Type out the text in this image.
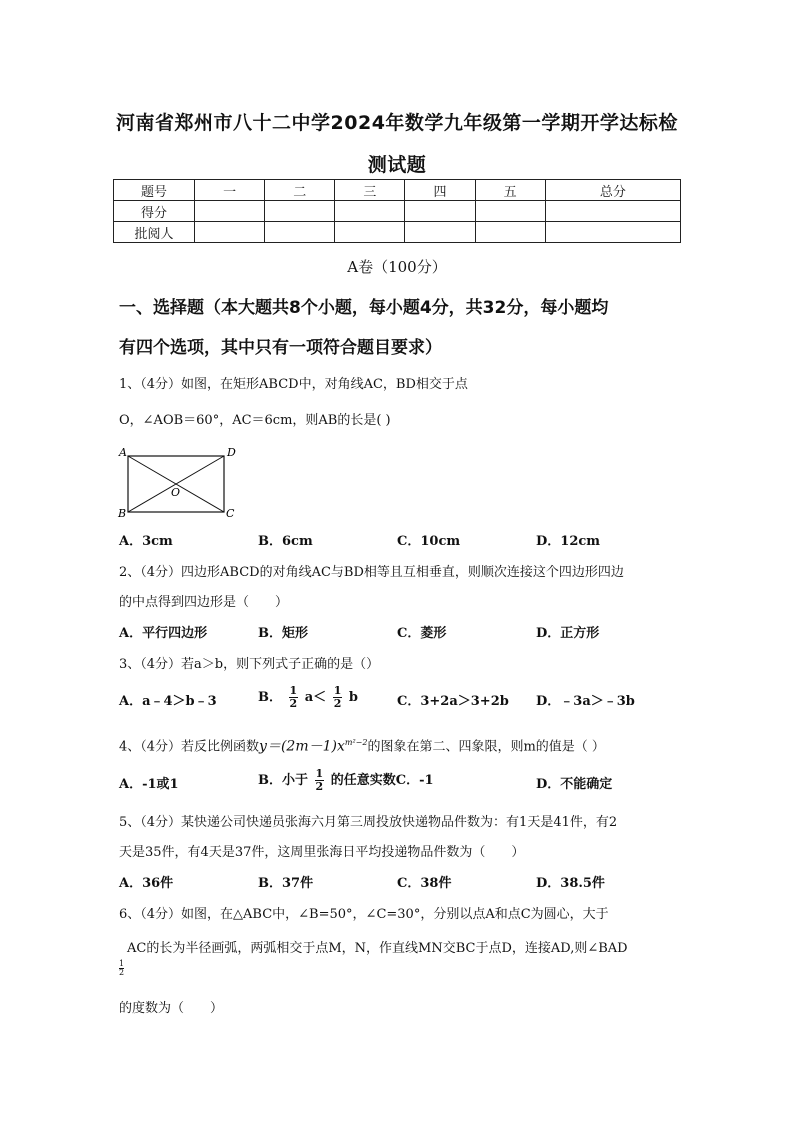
河南省郑州市八十二中学2024年数学九年级第一学期开学达标检
测试题
题号	一	二	三	四	五	总分
得分						
批阅人						
A卷（100分）
一、选择题（本大题共8个小题，每小题4分，共32分，每小题均
有四个选项，其中只有一项符合题目要求）
1、（4分）如图，在矩形ABCD中，对角线AC，BD相交于点
O，∠AOB＝60°，AC＝6cm，则AB的长是( )
A	D
B	C
O
A．3cm	B．6cm	C．10cm	D．12cm
2、（4分）四边形ABCD的对角线AC与BD相等且互相垂直，则顺次连接这个四边形四边
的中点得到四边形是（　　）
A．平行四边形	B．矩形	C．菱形	D．正方形
3、（4分）若a＞b，则下列式子正确的是（）
A．a﹣4＞b﹣3	B． $\frac{1}{2} a< \frac{1}{2}$ b	C．3+2a＞3+2b D．﹣3a＞﹣3b
4、（4分）若反比例函数$y=(2m-1)x^{m^2-2}$的图象在第二、四象限，则m的值是（ ）
A．-1或1	B．小于 $\frac{1}{2}$ 的任意实数C．-1	D．不能确定
5、（4分）某快递公司快递员张海六月第三周投放快递物品件数为：有1天是41件，有2
天是35件，有4天是37件，这周里张海日平均投递物品件数为（　　）
A．36件	B．37件	C．38件	D．38.5件
6、（4分）如图，在△ABC中，∠B=50°，∠C=30°，分别以点A和点C为圆心，大于
AC的长为半径画弧，两弧相交于点M，N，作直线MN交BC于点D，连接AD,则∠BAD
$\frac{1}{2}$
的度数为（　　）
